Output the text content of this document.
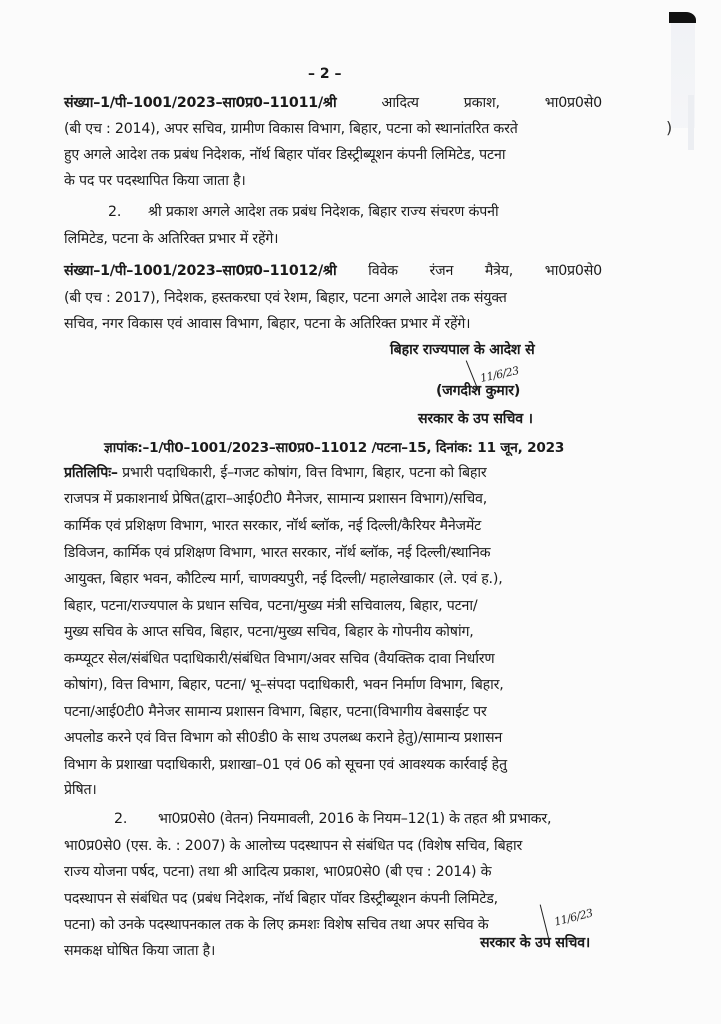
)
– 2 –
संख्या–1/पी–1001/2023–सा0प्र0–11011/श्री	आदित्य	प्रकाश,	भा0प्र0से0
(बी एच : 2014), अपर सचिव, ग्रामीण विकास विभाग, बिहार, पटना को स्थानांतरित करते
हुए अगले आदेश तक प्रबंध निदेशक, नॉर्थ बिहार पॉवर डिस्ट्रीब्यूशन कंपनी लिमिटेड, पटना
के पद पर पदस्थापित किया जाता है।
2. श्री प्रकाश अगले आदेश तक प्रबंध निदेशक, बिहार राज्य संचरण कंपनी
लिमिटेड, पटना के अतिरिक्त प्रभार में रहेंगे।
संख्या–1/पी–1001/2023–सा0प्र0–11012/श्री विवेक रंजन मैत्रेय, भा0प्र0से0
(बी एच : 2017), निदेशक, हस्तकरघा एवं रेशम, बिहार, पटना अगले आदेश तक संयुक्त
सचिव, नगर विकास एवं आवास विभाग, बिहार, पटना के अतिरिक्त प्रभार में रहेंगे।
बिहार राज्यपाल के आदेश से
11/6/23
(जगदीश कुमार)
सरकार के उप सचिव ।
ज्ञापांक:–1/पी0–1001/2023–सा0प्र0–11012 /पटना–15, दिनांक: 11 जून, 2023
प्रतिलिपिः– प्रभारी पदाधिकारी, ई–गजट कोषांग, वित्त विभाग, बिहार, पटना को बिहार
राजपत्र में प्रकाशनार्थ प्रेषित(द्वारा–आई0टी0 मैनेजर, सामान्य प्रशासन विभाग)/सचिव,
कार्मिक एवं प्रशिक्षण विभाग, भारत सरकार, नॉर्थ ब्लॉक, नई दिल्ली/कैरियर मैनेजमेंट
डिविजन, कार्मिक एवं प्रशिक्षण विभाग, भारत सरकार, नॉर्थ ब्लॉक, नई दिल्ली/स्थानिक
आयुक्त, बिहार भवन, कौटिल्य मार्ग, चाणक्यपुरी, नई दिल्ली/ महालेखाकार (ले. एवं ह.),
बिहार, पटना/राज्यपाल के प्रधान सचिव, पटना/मुख्य मंत्री सचिवालय, बिहार, पटना/
मुख्य सचिव के आप्त सचिव, बिहार, पटना/मुख्य सचिव, बिहार के गोपनीय कोषांग,
कम्प्यूटर सेल/संबंधित पदाधिकारी/संबंधित विभाग/अवर सचिव (वैयक्तिक दावा निर्धारण
कोषांग), वित्त विभाग, बिहार, पटना/ भू–संपदा पदाधिकारी, भवन निर्माण विभाग, बिहार,
पटना/आई0टी0 मैनेजर सामान्य प्रशासन विभाग, बिहार, पटना(विभागीय वेबसाईट पर
अपलोड करने एवं वित्त विभाग को सी0डी0 के साथ उपलब्ध कराने हेतु)/सामान्य प्रशासन
विभाग के प्रशाखा पदाधिकारी, प्रशाखा–01 एवं 06 को सूचना एवं आवश्यक कार्रवाई हेतु
प्रेषित।
2. भा0प्र0से0 (वेतन) नियमावली, 2016 के नियम–12(1) के तहत श्री प्रभाकर,
भा0प्र0से0 (एस. के. : 2007) के आलोच्य पदस्थापन से संबंधित पद (विशेष सचिव, बिहार
राज्य योजना पर्षद, पटना) तथा श्री आदित्य प्रकाश, भा0प्र0से0 (बी एच : 2014) के
पदस्थापन से संबंधित पद (प्रबंध निदेशक, नॉर्थ बिहार पॉवर डिस्ट्रीब्यूशन कंपनी लिमिटेड,
पटना) को उनके पदस्थापनकाल तक के लिए क्रमशः विशेष सचिव तथा अपर सचिव के
समकक्ष घोषित किया जाता है।
11/6/23
सरकार के उप सचिव।
